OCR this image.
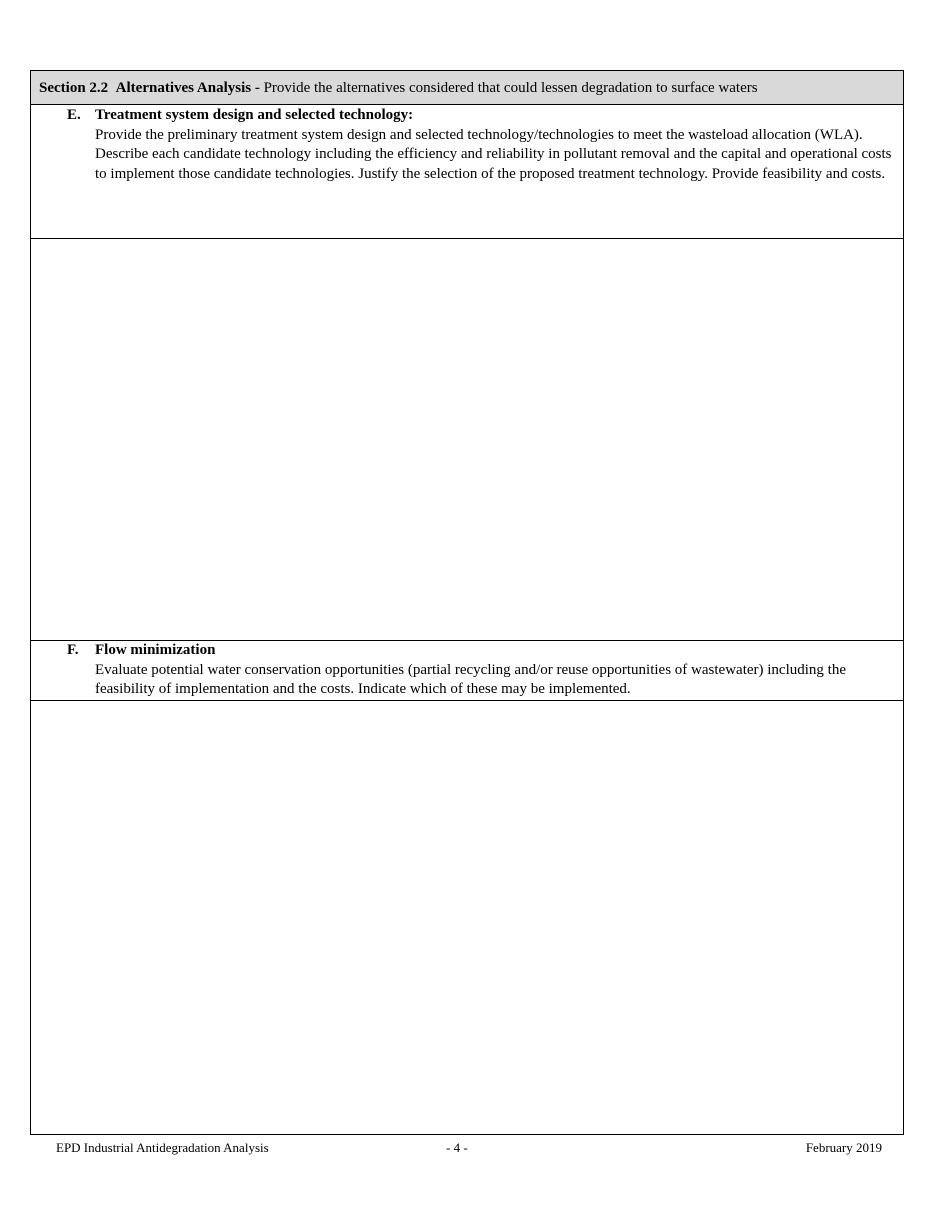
Section 2.2 Alternatives Analysis - Provide the alternatives considered that could lessen degradation to surface waters
E. Treatment system design and selected technology:
Provide the preliminary treatment system design and selected technology/technologies to meet the wasteload allocation (WLA). Describe each candidate technology including the efficiency and reliability in pollutant removal and the capital and operational costs to implement those candidate technologies. Justify the selection of the proposed treatment technology. Provide feasibility and costs.
F. Flow minimization
Evaluate potential water conservation opportunities (partial recycling and/or reuse opportunities of wastewater) including the feasibility of implementation and the costs. Indicate which of these may be implemented.
EPD Industrial Antidegradation Analysis	- 4 -	February 2019
